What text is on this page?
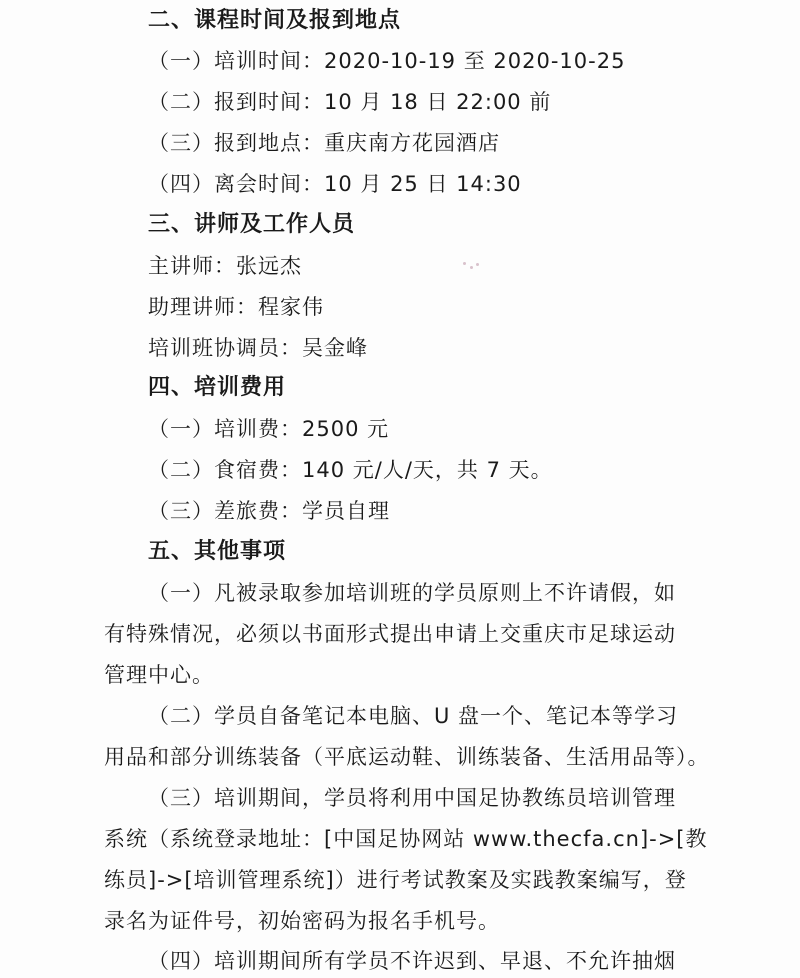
二、课程时间及报到地点
（一）培训时间：2020-10-19 至 2020-10-25
（二）报到时间：10 月 18 日 22:00 前
（三）报到地点：重庆南方花园酒店
（四）离会时间：10 月 25 日 14:30
三、讲师及工作人员
主讲师：张远杰
助理讲师：程家伟
培训班协调员：吴金峰
四、培训费用
（一）培训费：2500 元
（二）食宿费：140 元/人/天，共 7 天。
（三）差旅费：学员自理
五、其他事项
（一）凡被录取参加培训班的学员原则上不许请假，如
有特殊情况，必须以书面形式提出申请上交重庆市足球运动
管理中心。
（二）学员自备笔记本电脑、U 盘一个、笔记本等学习
用品和部分训练装备（平底运动鞋、训练装备、生活用品等）。
（三）培训期间，学员将利用中国足协教练员培训管理
系统（系统登录地址：[中国足协网站 www.thecfa.cn]->[教
练员]->[培训管理系统]）进行考试教案及实践教案编写，登
录名为证件号，初始密码为报名手机号。
（四）培训期间所有学员不许迟到、早退、不允许抽烟
